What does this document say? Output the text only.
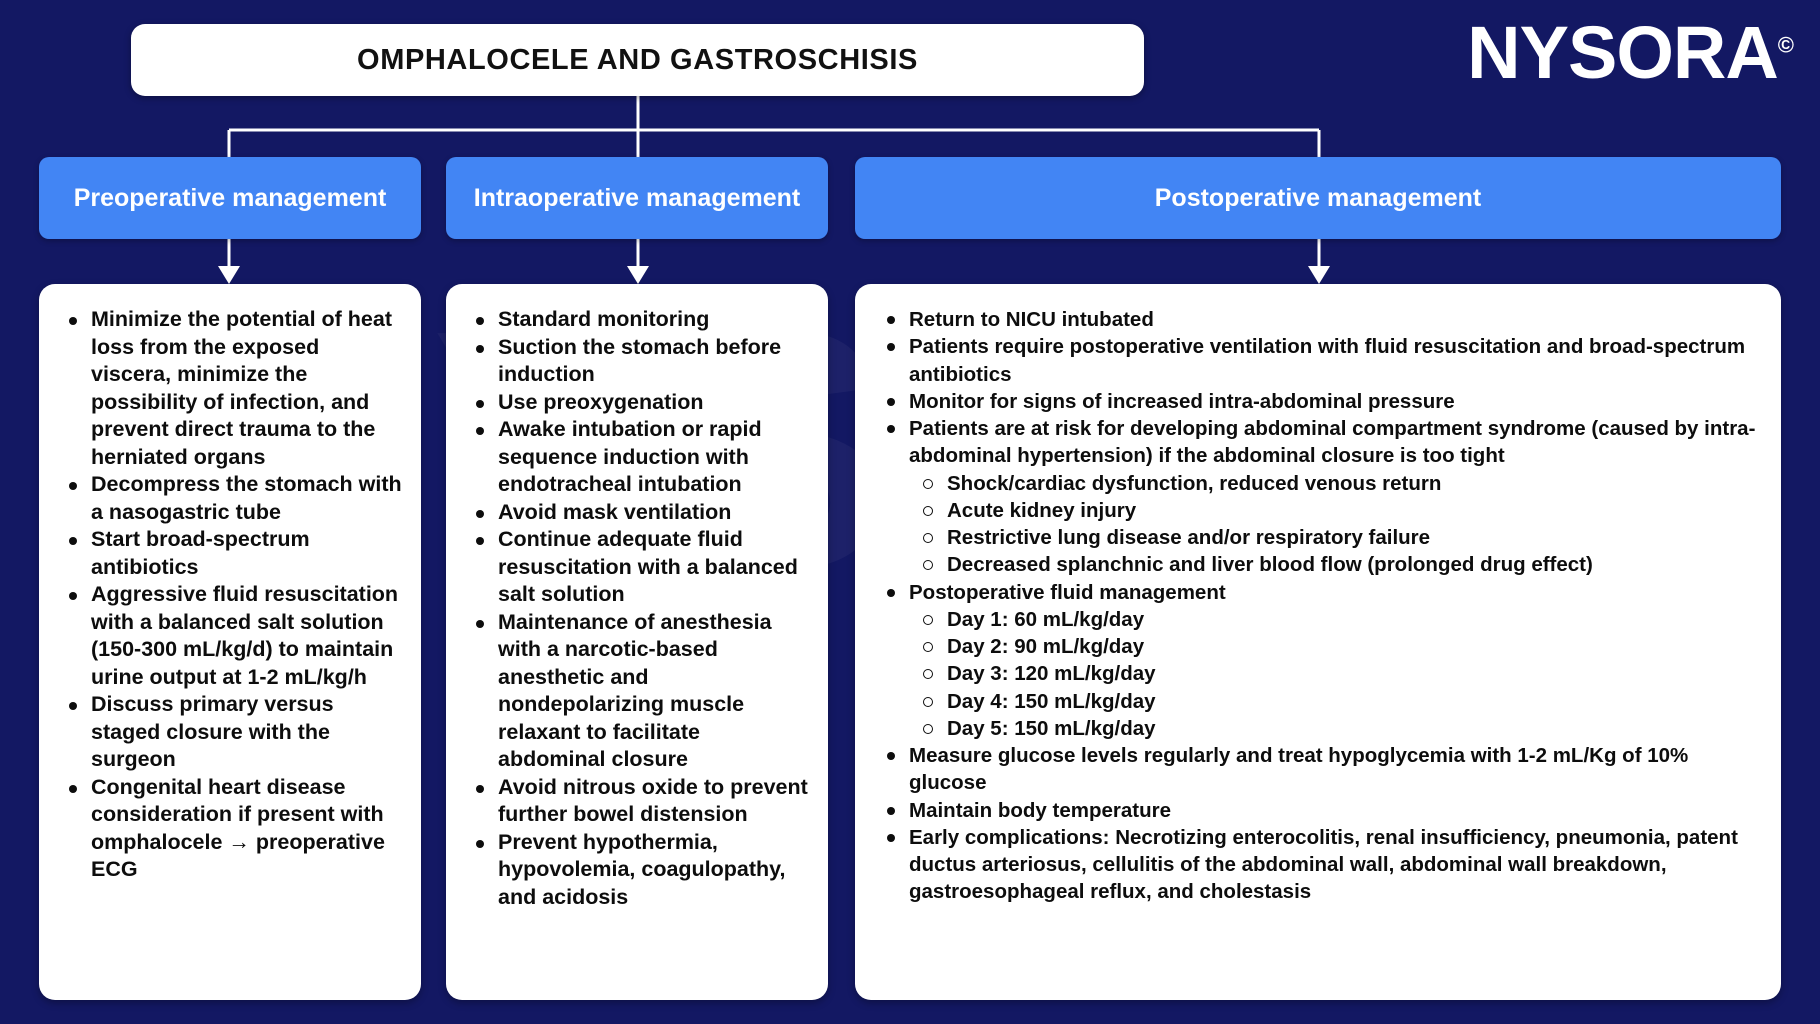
NYSORA©
OMPHALOCELE AND GASTROSCHISIS
Preoperative management	Intraoperative management	Postoperative management
Minimize the potential of heat loss from the exposed viscera, minimize the possibility of infection, and prevent direct trauma to the herniated organs
Decompress the stomach with a nasogastric tube
Start broad-spectrum antibiotics
Aggressive fluid resuscitation with a balanced salt solution (150-300 mL/kg/d) to maintain urine output at 1-2 mL/kg/h
Discuss primary versus staged closure with the surgeon
Congenital heart disease consideration if present with omphalocele → preoperative ECG
Standard monitoring
Suction the stomach before induction
Use preoxygenation
Awake intubation or rapid sequence induction with endotracheal intubation
Avoid mask ventilation
Continue adequate fluid resuscitation with a balanced salt solution
Maintenance of anesthesia with a narcotic-based anesthetic and nondepolarizing muscle relaxant to facilitate abdominal closure
Avoid nitrous oxide to prevent further bowel distension
Prevent hypothermia, hypovolemia, coagulopathy, and acidosis
Return to NICU intubated
Patients require postoperative ventilation with fluid resuscitation and broad-spectrum antibiotics
Monitor for signs of increased intra-abdominal pressure
Patients are at risk for developing abdominal compartment syndrome (caused by intra-abdominal hypertension) if the abdominal closure is too tight
Shock/cardiac dysfunction, reduced venous return
Acute kidney injury
Restrictive lung disease and/or respiratory failure
Decreased splanchnic and liver blood flow (prolonged drug effect)
Postoperative fluid management
Day 1: 60 mL/kg/day
Day 2: 90 mL/kg/day
Day 3: 120 mL/kg/day
Day 4: 150 mL/kg/day
Day 5: 150 mL/kg/day
Measure glucose levels regularly and treat hypoglycemia with 1-2 mL/Kg of 10% glucose
Maintain body temperature
Early complications: Necrotizing enterocolitis, renal insufficiency, pneumonia, patent ductus arteriosus, cellulitis of the abdominal wall, abdominal wall breakdown, gastroesophageal reflux, and cholestasis
